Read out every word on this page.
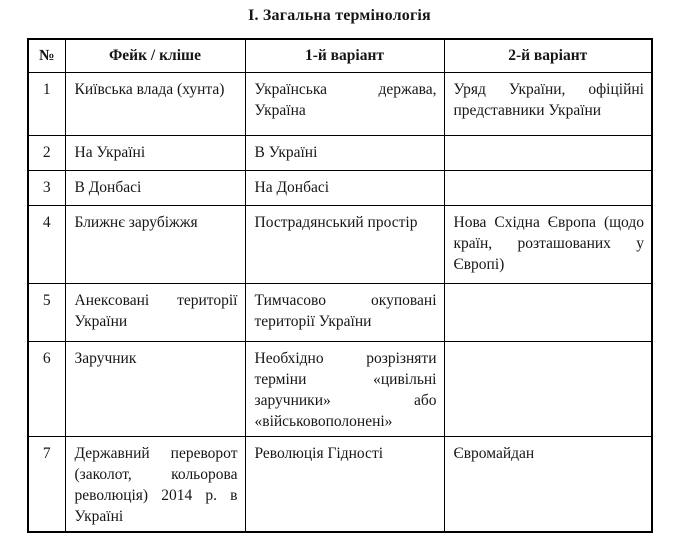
І. Загальна термінологія
№	Фейк / кліше	1-й варіант	2-й варіант
1	Київська влада (хунта)	Українська держава, Україна	Уряд України, офіційні представники України
2	На Україні	В Україні	
3	В Донбасі	На Донбасі	
4	Ближнє зарубіжжя	Пострадянський простір	Нова Східна Європа (щодо країн, розташованих у Європі)
5	Анексовані території України	Тимчасово окуповані території України	
6	Заручник	Необхідно розрізняти терміни «цивільні заручники» або «військовополонені»	
7	Державний переворот (заколот, кольорова революція) 2014 р. в Україні	Революція Гідності	Євромайдан
